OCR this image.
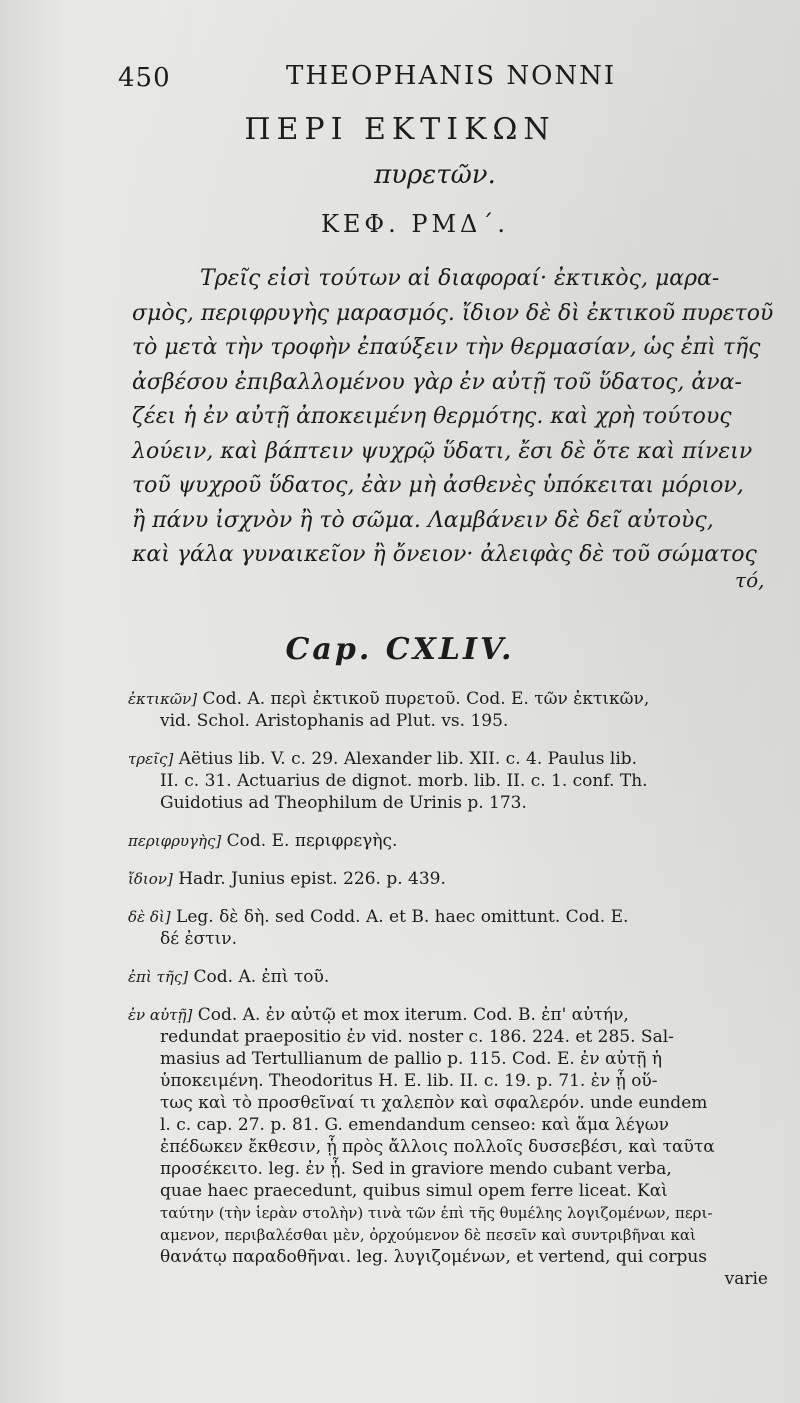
450	THEOPHANIS NONNI
ΠΕΡΙ ΕΚΤΙΚΩΝ
πυρετῶν.
ΚΕΦ. ΡΜΔ΄.
Τρεῖς εἰσὶ τούτων αἱ διαφοραί· ἐκτικὸς, μαρα-
σμὸς, περιφρυγὴς μαρασμός. ἴδιον δὲ δὶ ἐκτικοῦ πυρετοῦ
τὸ μετὰ τὴν τροφὴν ἐπαύξειν τὴν θερμασίαν, ὡς ἐπὶ τῆς
ἀσβέσου ἐπιβαλλομένου γὰρ ἐν αὐτῇ τοῦ ὕδατος, ἀνα-
ζέει ἡ ἐν αὐτῇ ἀποκειμένη θερμότης. καὶ χρὴ τούτους
λούειν, καὶ βάπτειν ψυχρῷ ὕδατι, ἔσι δὲ ὅτε καὶ πίνειν
τοῦ ψυχροῦ ὕδατος, ἐὰν μὴ ἀσθενὲς ὑπόκειται μόριον,
ἢ πάνυ ἰσχνὸν ἢ τὸ σῶμα. Λαμβάνειν δὲ δεῖ αὐτοὺς,
καὶ γάλα γυναικεῖον ἢ ὄνειον· ἀλειφὰς δὲ τοῦ σώματος
τό,
Cap. CXLIV.
ἐκτικῶν] Cod. A. περὶ ἐκτικοῦ πυρετοῦ. Cod. E. τῶν ἐκτικῶν,
vid. Schol. Aristophanis ad Plut. vs. 195.
τρεῖς] Aëtius lib. V. c. 29. Alexander lib. XII. c. 4. Paulus lib.
II. c. 31. Actuarius de dignot. morb. lib. II. c. 1. conf. Th.
Guidotius ad Theophilum de Urinis p. 173.
περιφρυγὴς] Cod. E. περιφρεγὴς.
ἴδιον] Hadr. Junius epist. 226. p. 439.
δὲ δὶ] Leg. δὲ δὴ. sed Codd. A. et B. haec omittunt. Cod. E.
δέ ἐστιν.
ἐπὶ τῆς] Cod. A. ἐπὶ τοῦ.
ἐν αὐτῇ] Cod. A. ἐν αὐτῷ et mox iterum. Cod. B. ἐπ' αὐτήν,
redundat praepositio ἐν vid. noster c. 186. 224. et 285. Sal-
masius ad Tertullianum de pallio p. 115. Cod. E. ἐν αὐτῇ ἡ
ὑποκειμένη. Theodoritus H. E. lib. II. c. 19. p. 71. ἐν ᾗ οὕ-
τως καὶ τὸ προσθεῖναί τι χαλεπὸν καὶ σφαλερόν. unde eundem
l. c. cap. 27. p. 81. G. emendandum censeo: καὶ ἅμα λέγων
ἐπέδωκεν ἔκθεσιν, ᾗ πρὸς ἄλλοις πολλοῖς δυσσεβέσι, καὶ ταῦτα
προσέκειτο. leg. ἐν ᾗ. Sed in graviore mendo cubant verba,
quae haec praecedunt, quibus simul opem ferre liceat. Καὶ
ταύτην (τὴν ἱερὰν στολὴν) τινὰ τῶν ἐπὶ τῆς θυμέλης λογιζομένων, περι-
αμενον, περιβαλέσθαι μὲν, ὀρχούμενον δὲ πεσεῖν καὶ συντριβῆναι καὶ
θανάτῳ παραδοθῆναι. leg. λυγιζομένων, et vertend, qui corpus
varie
